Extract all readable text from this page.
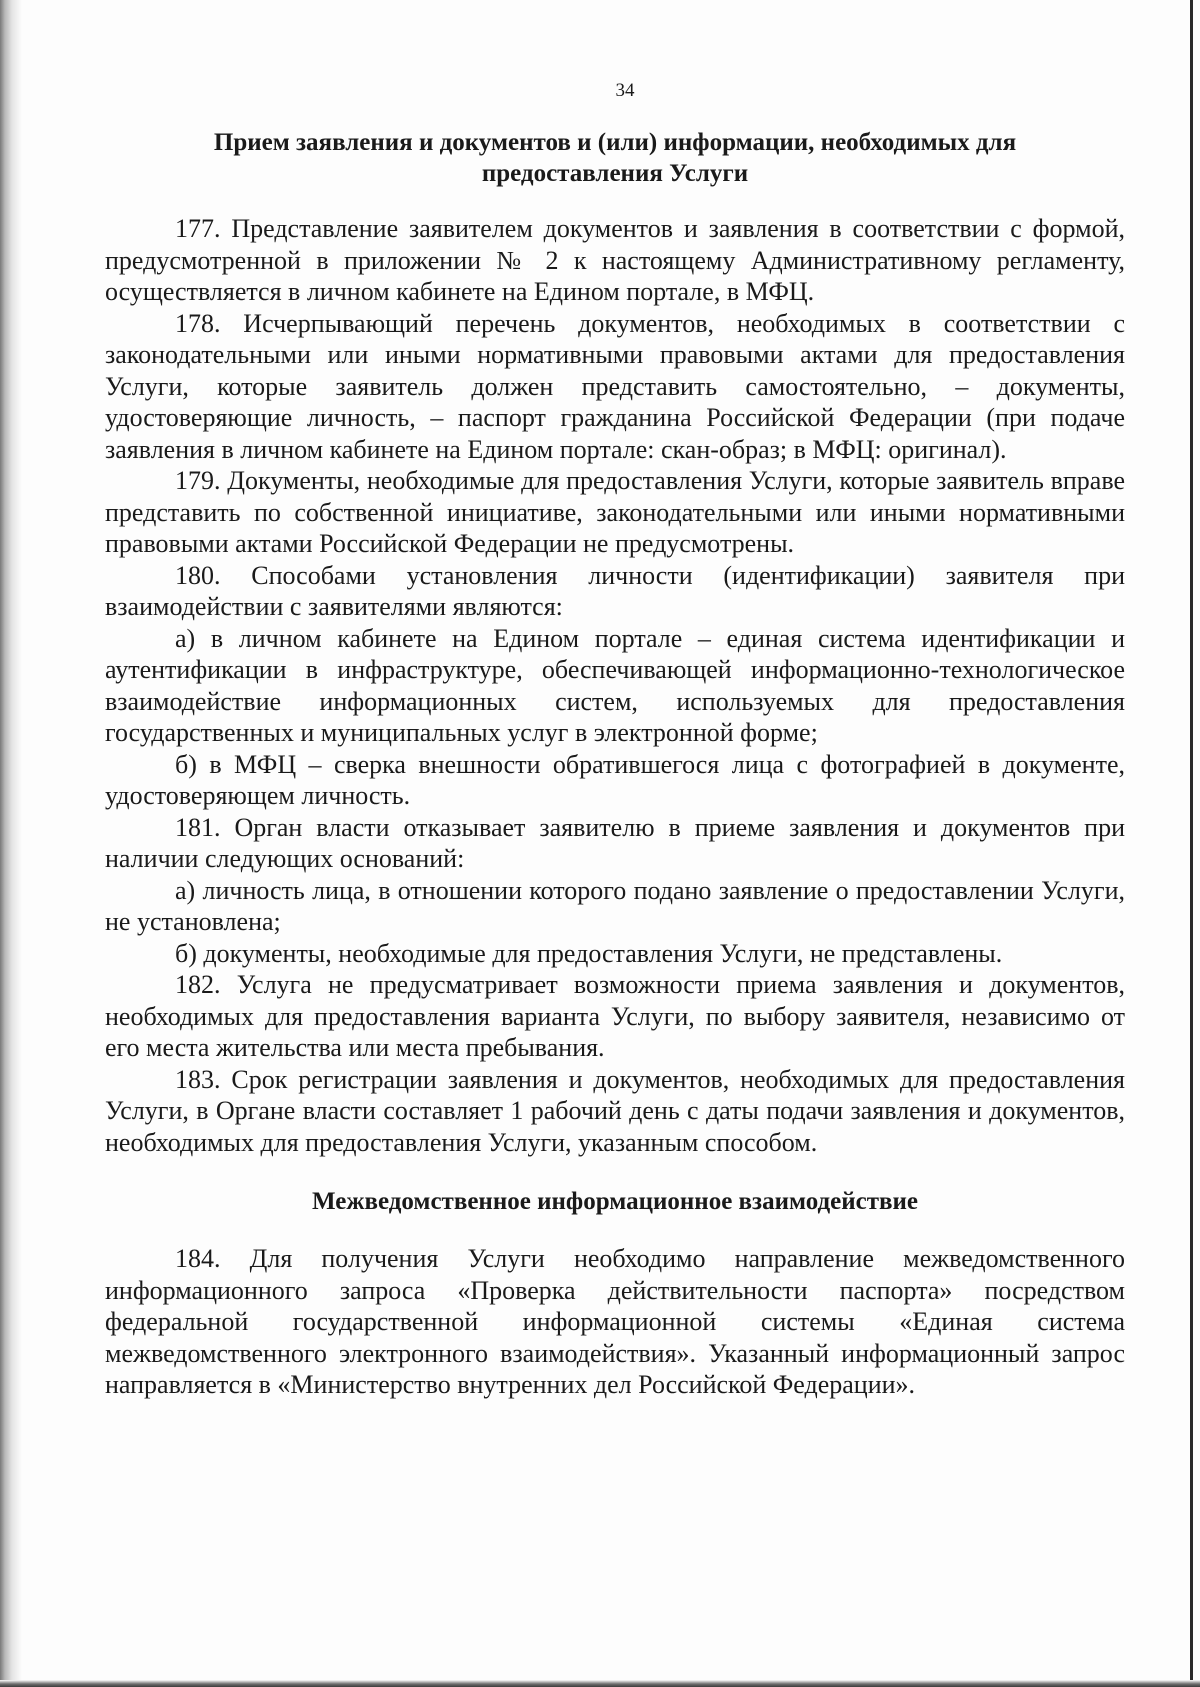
34
Прием заявления и документов и (или) информации, необходимых для предоставления Услуги

177. Представление заявителем документов и заявления в соответствии с формой, предусмотренной в приложении № 2 к настоящему Административному регламенту, осуществляется в личном кабинете на Едином портале, в МФЦ.

178. Исчерпывающий перечень документов, необходимых в соответствии с законодательными или иными нормативными правовыми актами для предоставления Услуги, которые заявитель должен представить самостоятельно, – документы, удостоверяющие личность, – паспорт гражданина Российской Федерации (при подаче заявления в личном кабинете на Едином портале: скан-образ; в МФЦ: оригинал).

179. Документы, необходимые для предоставления Услуги, которые заявитель вправе представить по собственной инициативе, законодательными или иными нормативными правовыми актами Российской Федерации не предусмотрены.

180. Способами установления личности (идентификации) заявителя при взаимодействии с заявителями являются:

а) в личном кабинете на Едином портале – единая система идентификации и аутентификации в инфраструктуре, обеспечивающей информационно-технологическое взаимодействие информационных систем, используемых для предоставления государственных и муниципальных услуг в электронной форме;

б) в МФЦ – сверка внешности обратившегося лица с фотографией в документе, удостоверяющем личность.

181. Орган власти отказывает заявителю в приеме заявления и документов при наличии следующих оснований:

а) личность лица, в отношении которого подано заявление о предоставлении Услуги, не установлена;

б) документы, необходимые для предоставления Услуги, не представлены.

182. Услуга не предусматривает возможности приема заявления и документов, необходимых для предоставления варианта Услуги, по выбору заявителя, независимо от его места жительства или места пребывания.

183. Срок регистрации заявления и документов, необходимых для предоставления Услуги, в Органе власти составляет 1 рабочий день с даты подачи заявления и документов, необходимых для предоставления Услуги, указанным способом.

Межведомственное информационное взаимодействие

184. Для получения Услуги необходимо направление межведомственного информационного запроса «Проверка действительности паспорта» посредством федеральной государственной информационной системы «Единая система межведомственного электронного взаимодействия». Указанный информационный запрос направляется в «Министерство внутренних дел Российской Федерации».
